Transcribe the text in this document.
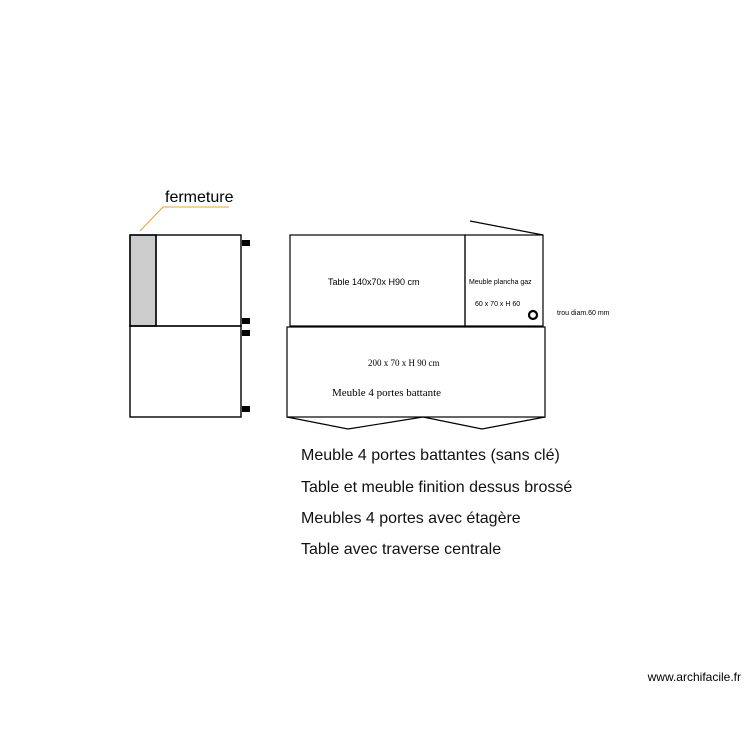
fermeture
Table 140x70x H90 cm	Meuble plancha gaz
60 x 70 x H 60
trou diam.60 mm
200 x 70 x H 90 cm
Meuble 4 portes battante
Meuble 4 portes battantes (sans clé)
Table et meuble finition dessus brossé
Meubles 4 portes avec étagère
Table avec traverse centrale
www.archifacile.fr
